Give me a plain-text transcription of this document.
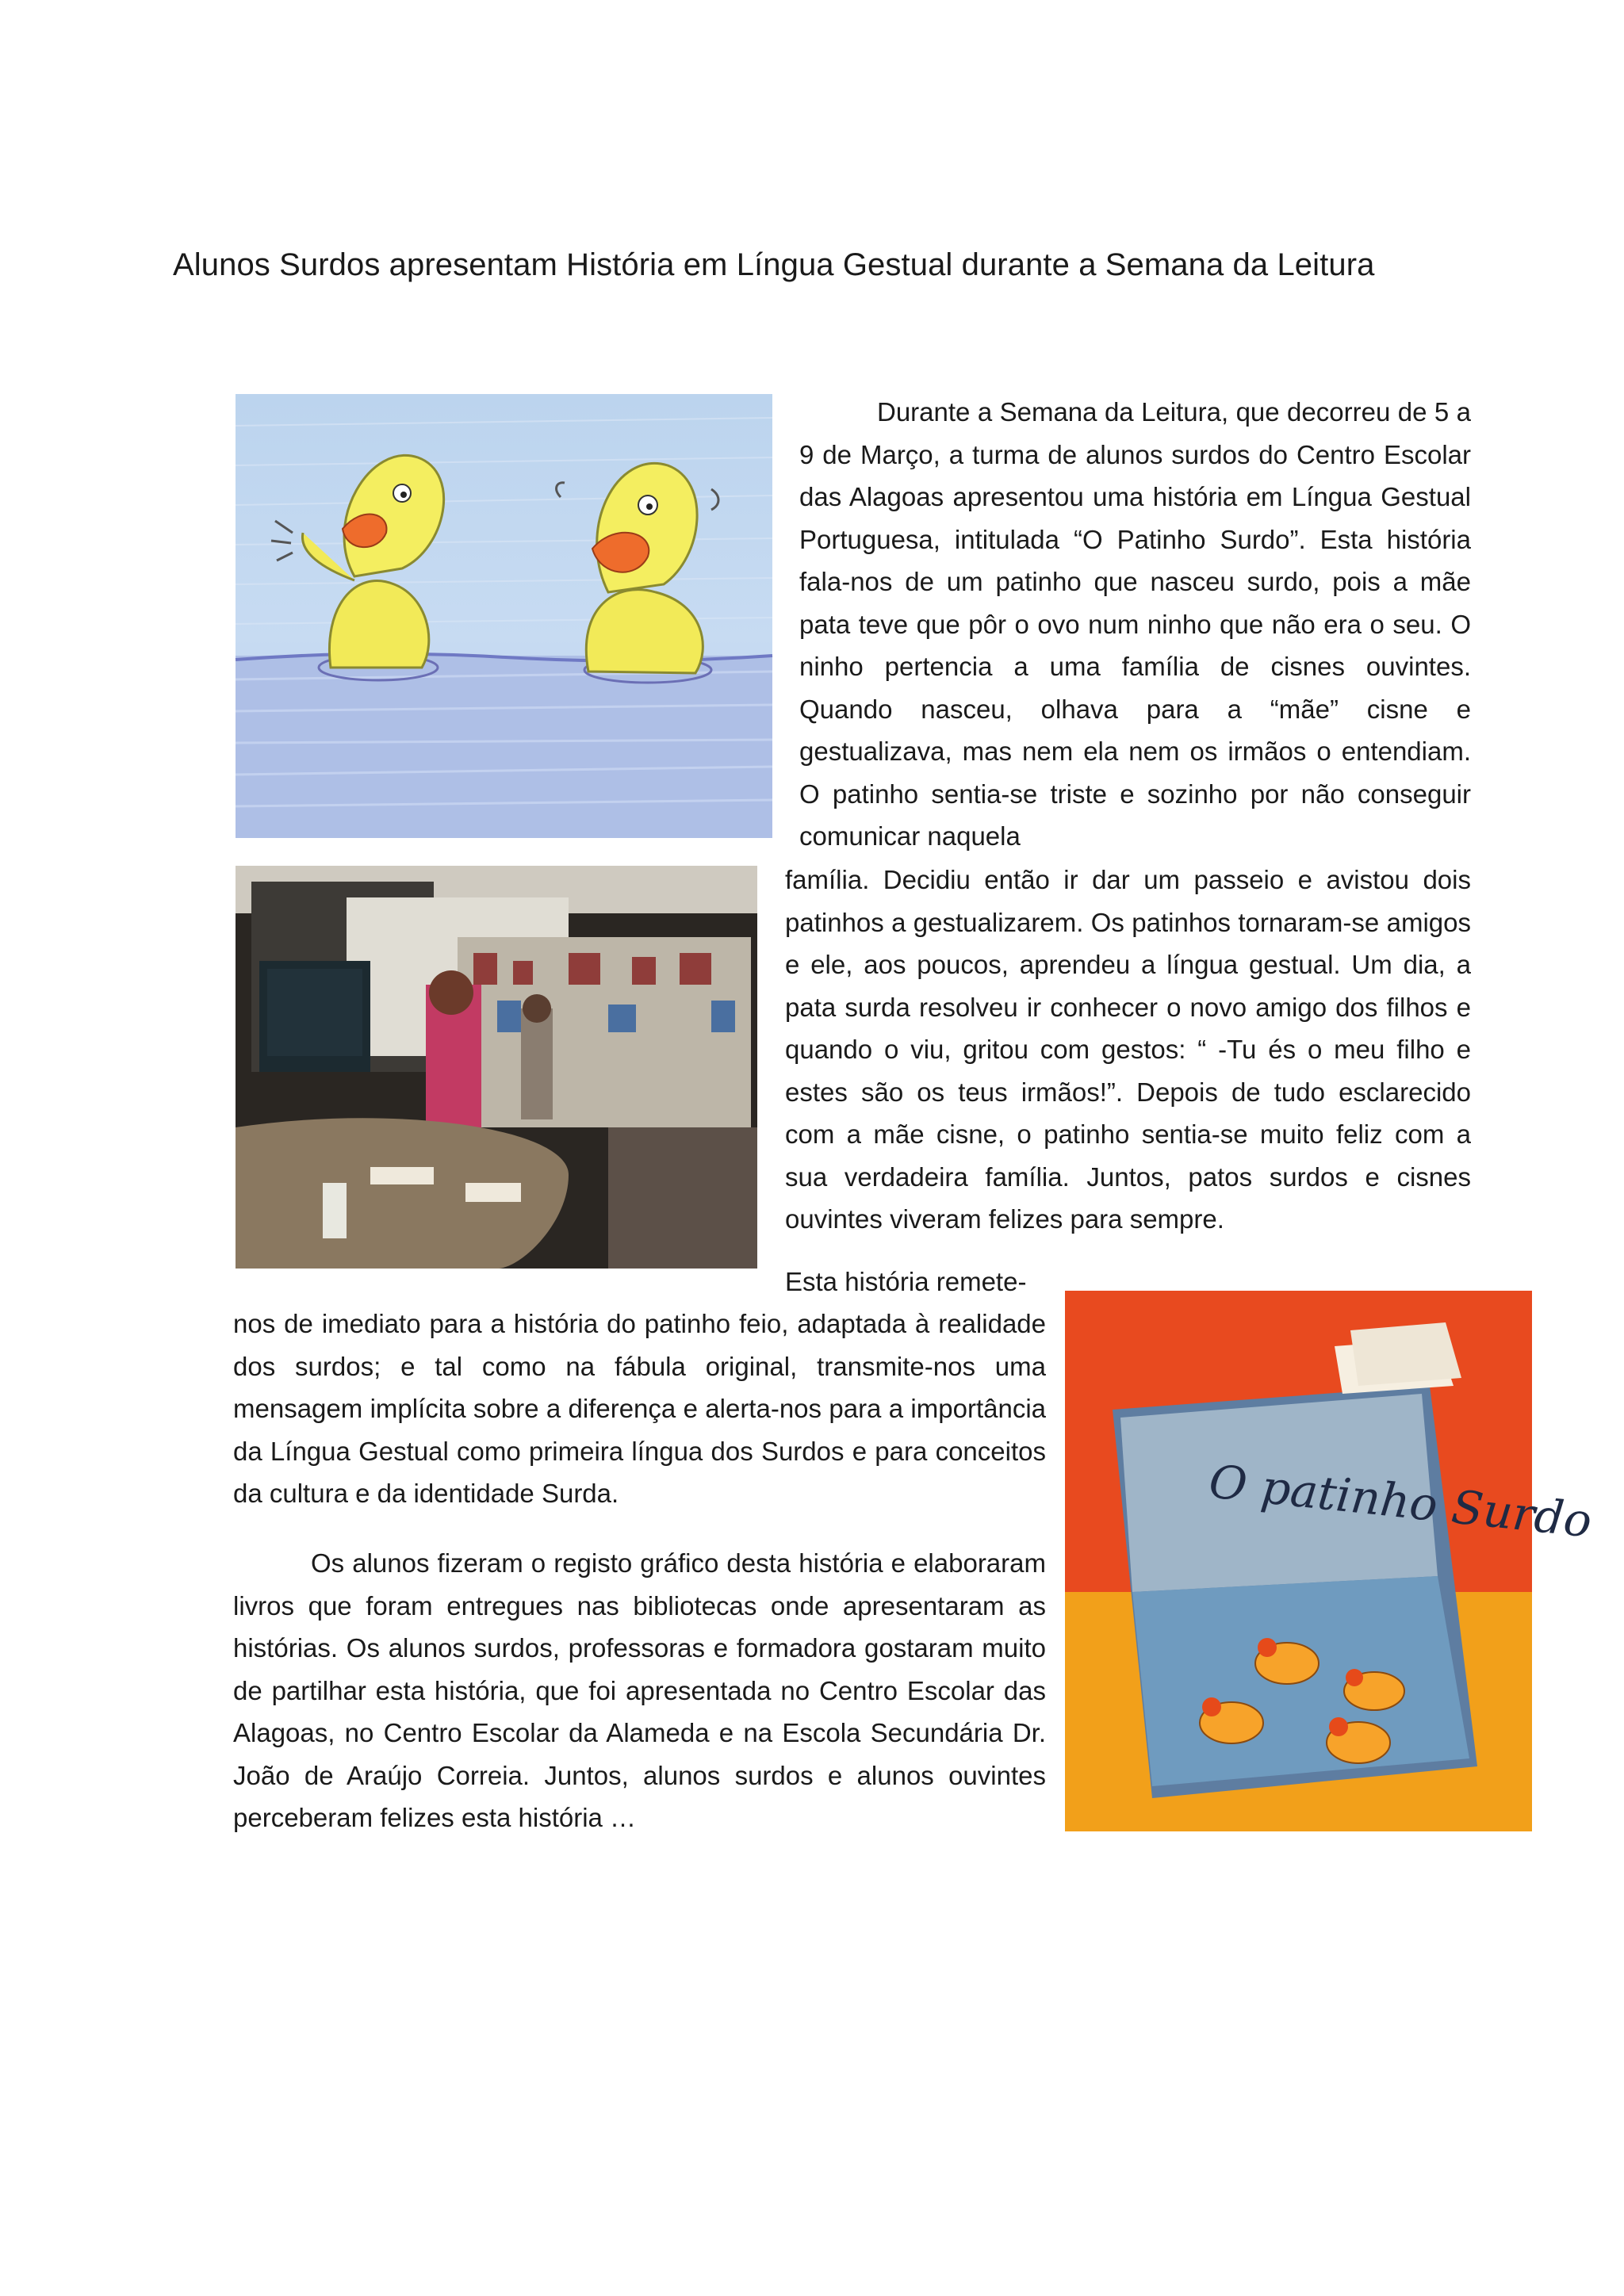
Alunos Surdos apresentam História em Língua Gestual durante a Semana da Leitura
O patinho Surdo

Durante a Semana da Leitura, que decorreu de 5 a 9 de Março, a turma de alunos surdos do Centro Escolar das Alagoas apresentou uma história em Língua Gestual Portuguesa, intitulada “O Patinho Surdo”. Esta história fala-nos de um patinho que nasceu surdo, pois a mãe pata teve que pôr o ovo num ninho que não era o seu. O ninho pertencia a uma família de cisnes ouvintes. Quando nasceu, olhava para a “mãe” cisne e gestualizava, mas nem ela nem os irmãos o entendiam. O patinho sentia-se triste e sozinho por não conseguir comunicar naquela

família. Decidiu então ir dar um passeio e avistou dois patinhos a gestualizarem. Os patinhos tornaram-se amigos e ele, aos poucos, aprendeu a língua gestual. Um dia, a pata surda resolveu ir conhecer o novo amigo dos filhos e quando o viu, gritou com gestos: “ -Tu és o meu filho e estes são os teus irmãos!”. Depois de tudo esclarecido com a mãe cisne, o patinho sentia-se muito feliz com a sua verdadeira família. Juntos, patos surdos e cisnes ouvintes viveram felizes para sempre.

Esta história remete-

nos de imediato para a história do patinho feio, adaptada à realidade dos surdos; e tal como na fábula original, transmite-nos uma mensagem implícita sobre a diferença e alerta-nos para a importância da Língua Gestual como primeira língua dos Surdos e para conceitos da cultura e da identidade Surda.

Os alunos fizeram o registo gráfico desta história e elaboraram livros que foram entregues nas bibliotecas onde apresentaram as histórias. Os alunos surdos, professoras e formadora gostaram muito de partilhar esta história, que foi apresentada no Centro Escolar das Alagoas, no Centro Escolar da Alameda e na Escola Secundária Dr. João de Araújo Correia. Juntos, alunos surdos e alunos ouvintes perceberam felizes esta história …
